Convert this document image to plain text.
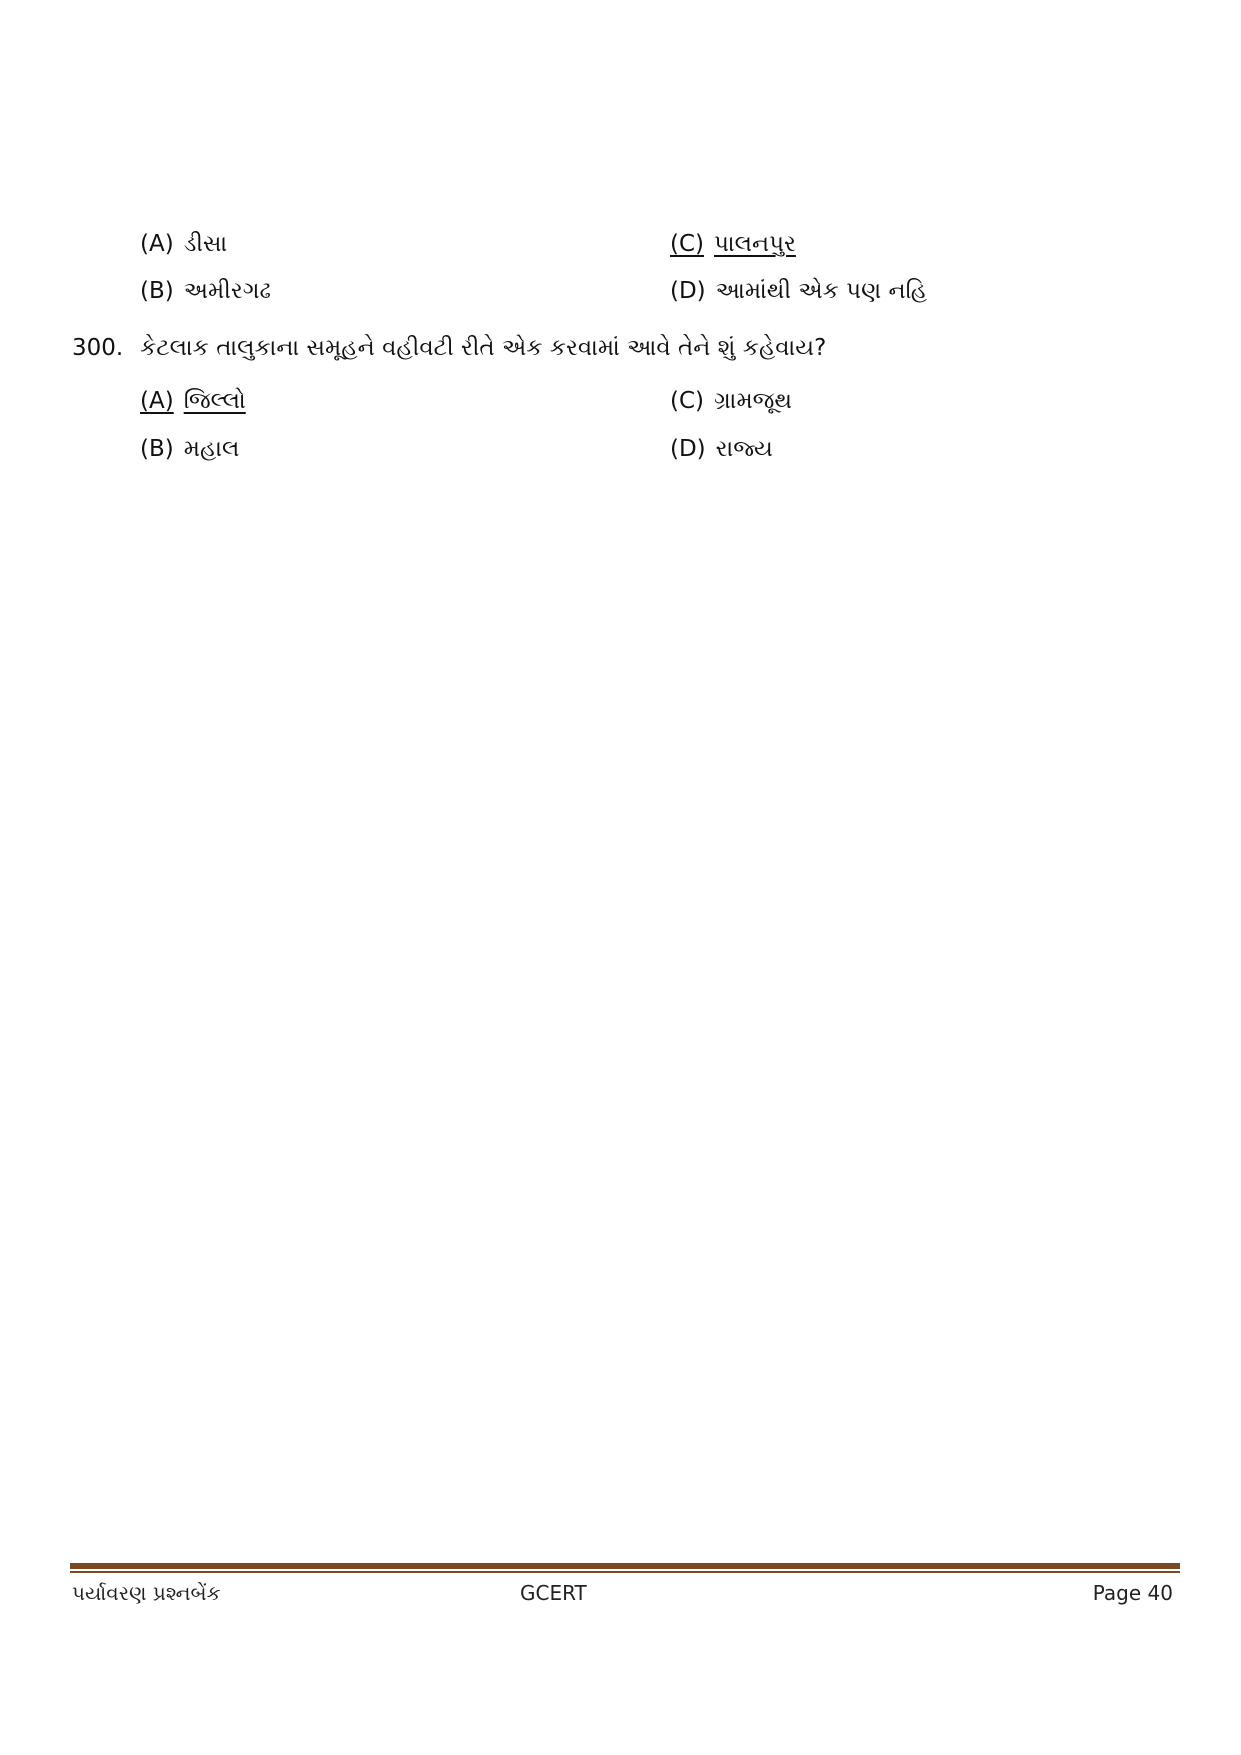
(A) ડીસા
(B) અમીરગઢ
(C) પાલનપુર
(D) આમાંથી એક પણ નહિ
300. કેટલાક તાલુકાના સમૂહને વહીવટી રીતે એક કરવામાં આવે તેને શું કહેવાય?
(A) જિલ્લો
(B) મહાલ
(C) ગ્રામજૂથ
(D) રાજ્ય
પર્યાવરણ પ્રશ્નબેંક	GCERT	Page 40
